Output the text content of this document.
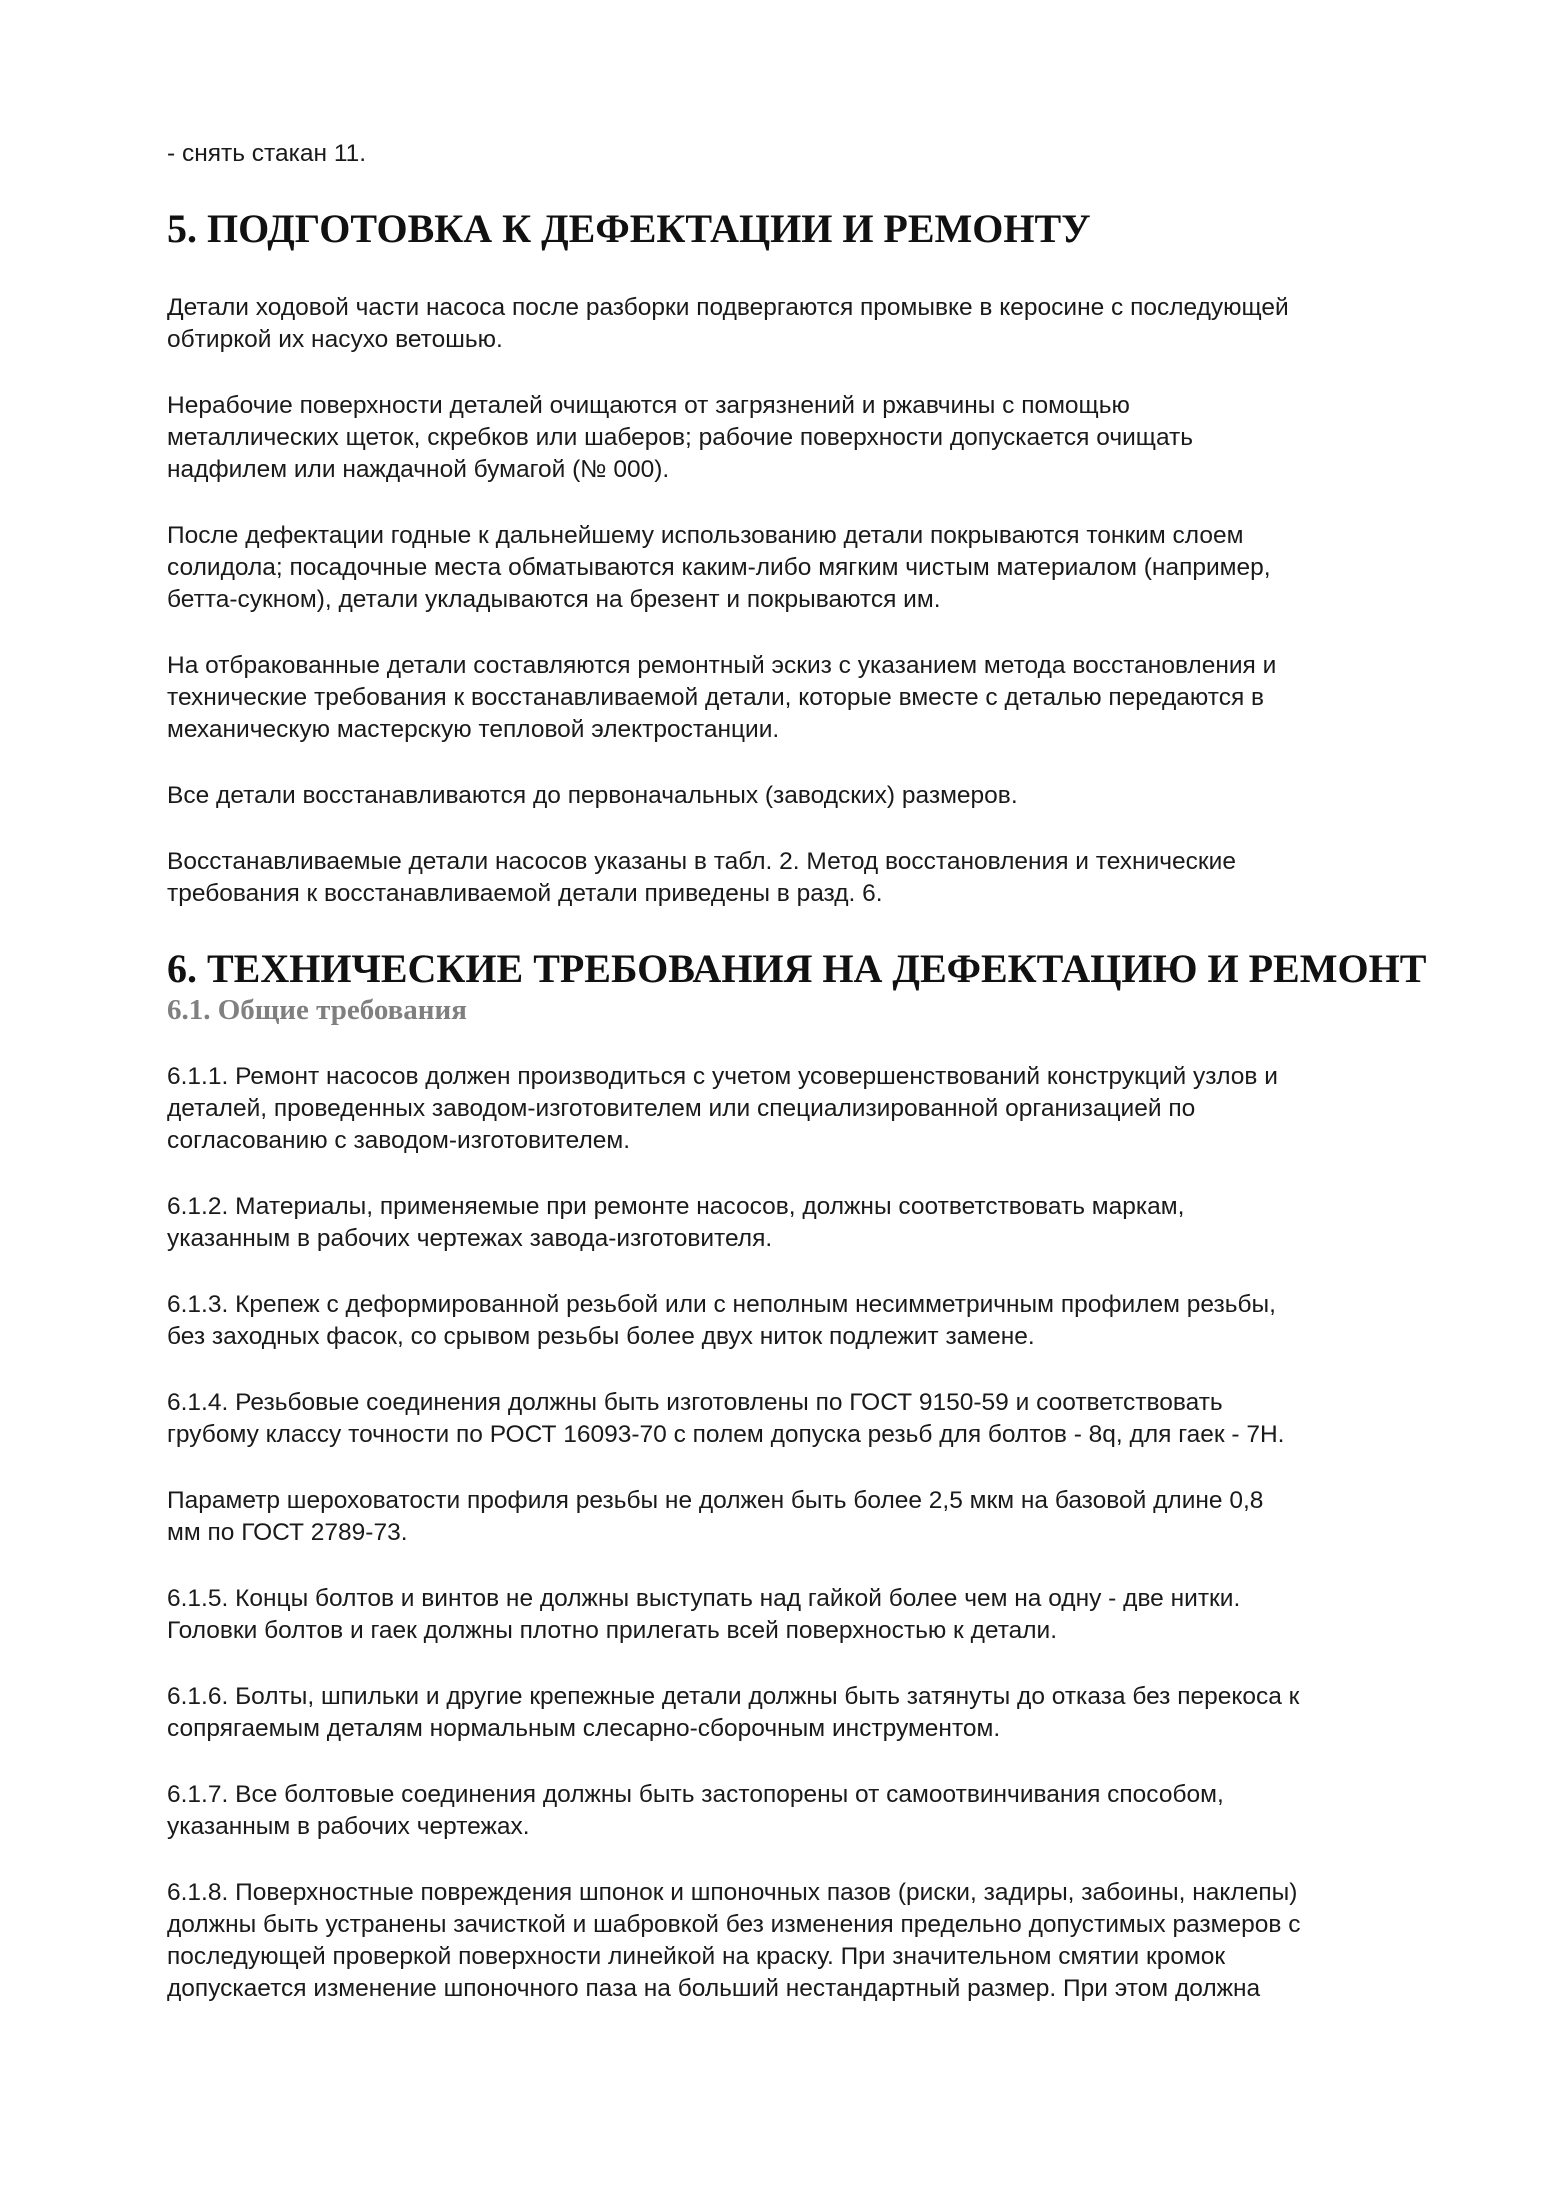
- снять стакан 11.

5. ПОДГОТОВКА К ДЕФЕКТАЦИИ И РЕМОНТУ

Детали ходовой части насоса после разборки подвергаются промывке в керосине с последующей
обтиркой их насухо ветошью.

Нерабочие поверхности деталей очищаются от загрязнений и ржавчины с помощью
металлических щеток, скребков или шаберов; рабочие поверхности допускается очищать
надфилем или наждачной бумагой (№ 000).

После дефектации годные к дальнейшему использованию детали покрываются тонким слоем
солидола; посадочные места обматываются каким-либо мягким чистым материалом (например,
бетта-сукном), детали укладываются на брезент и покрываются им.

На отбракованные детали составляются ремонтный эскиз с указанием метода восстановления и
технические требования к восстанавливаемой детали, которые вместе с деталью передаются в
механическую мастерскую тепловой электростанции.

Все детали восстанавливаются до первоначальных (заводских) размеров.

Восстанавливаемые детали насосов указаны в табл. 2. Метод восстановления и технические
требования к восстанавливаемой детали приведены в разд. 6.

6. ТЕХНИЧЕСКИЕ ТРЕБОВАНИЯ НА ДЕФЕКТАЦИЮ И РЕМОНТ
6.1. Общие требования

6.1.1. Ремонт насосов должен производиться с учетом усовершенствований конструкций узлов и
деталей, проведенных заводом-изготовителем или специализированной организацией по
согласованию с заводом-изготовителем.

6.1.2. Материалы, применяемые при ремонте насосов, должны соответствовать маркам,
указанным в рабочих чертежах завода-изготовителя.

6.1.3. Крепеж с деформированной резьбой или с неполным несимметричным профилем резьбы,
без заходных фасок, со срывом резьбы более двух ниток подлежит замене.

6.1.4. Резьбовые соединения должны быть изготовлены по ГОСТ 9150-59 и соответствовать
грубому классу точности по РОСТ 16093-70 с полем допуска резьб для болтов - 8q, для гаек - 7Н.

Параметр шероховатости профиля резьбы не должен быть более 2,5 мкм на базовой длине 0,8
мм по ГОСТ 2789-73.

6.1.5. Концы болтов и винтов не должны выступать над гайкой более чем на одну - две нитки.
Головки болтов и гаек должны плотно прилегать всей поверхностью к детали.

6.1.6. Болты, шпильки и другие крепежные детали должны быть затянуты до отказа без перекоса к
сопрягаемым деталям нормальным слесарно-сборочным инструментом.

6.1.7. Все болтовые соединения должны быть застопорены от самоотвинчивания способом,
указанным в рабочих чертежах.

6.1.8. Поверхностные повреждения шпонок и шпоночных пазов (риски, задиры, забоины, наклепы)
должны быть устранены зачисткой и шабровкой без изменения предельно допустимых размеров с
последующей проверкой поверхности линейкой на краску. При значительном смятии кромок
допускается изменение шпоночного паза на больший нестандартный размер. При этом должна
